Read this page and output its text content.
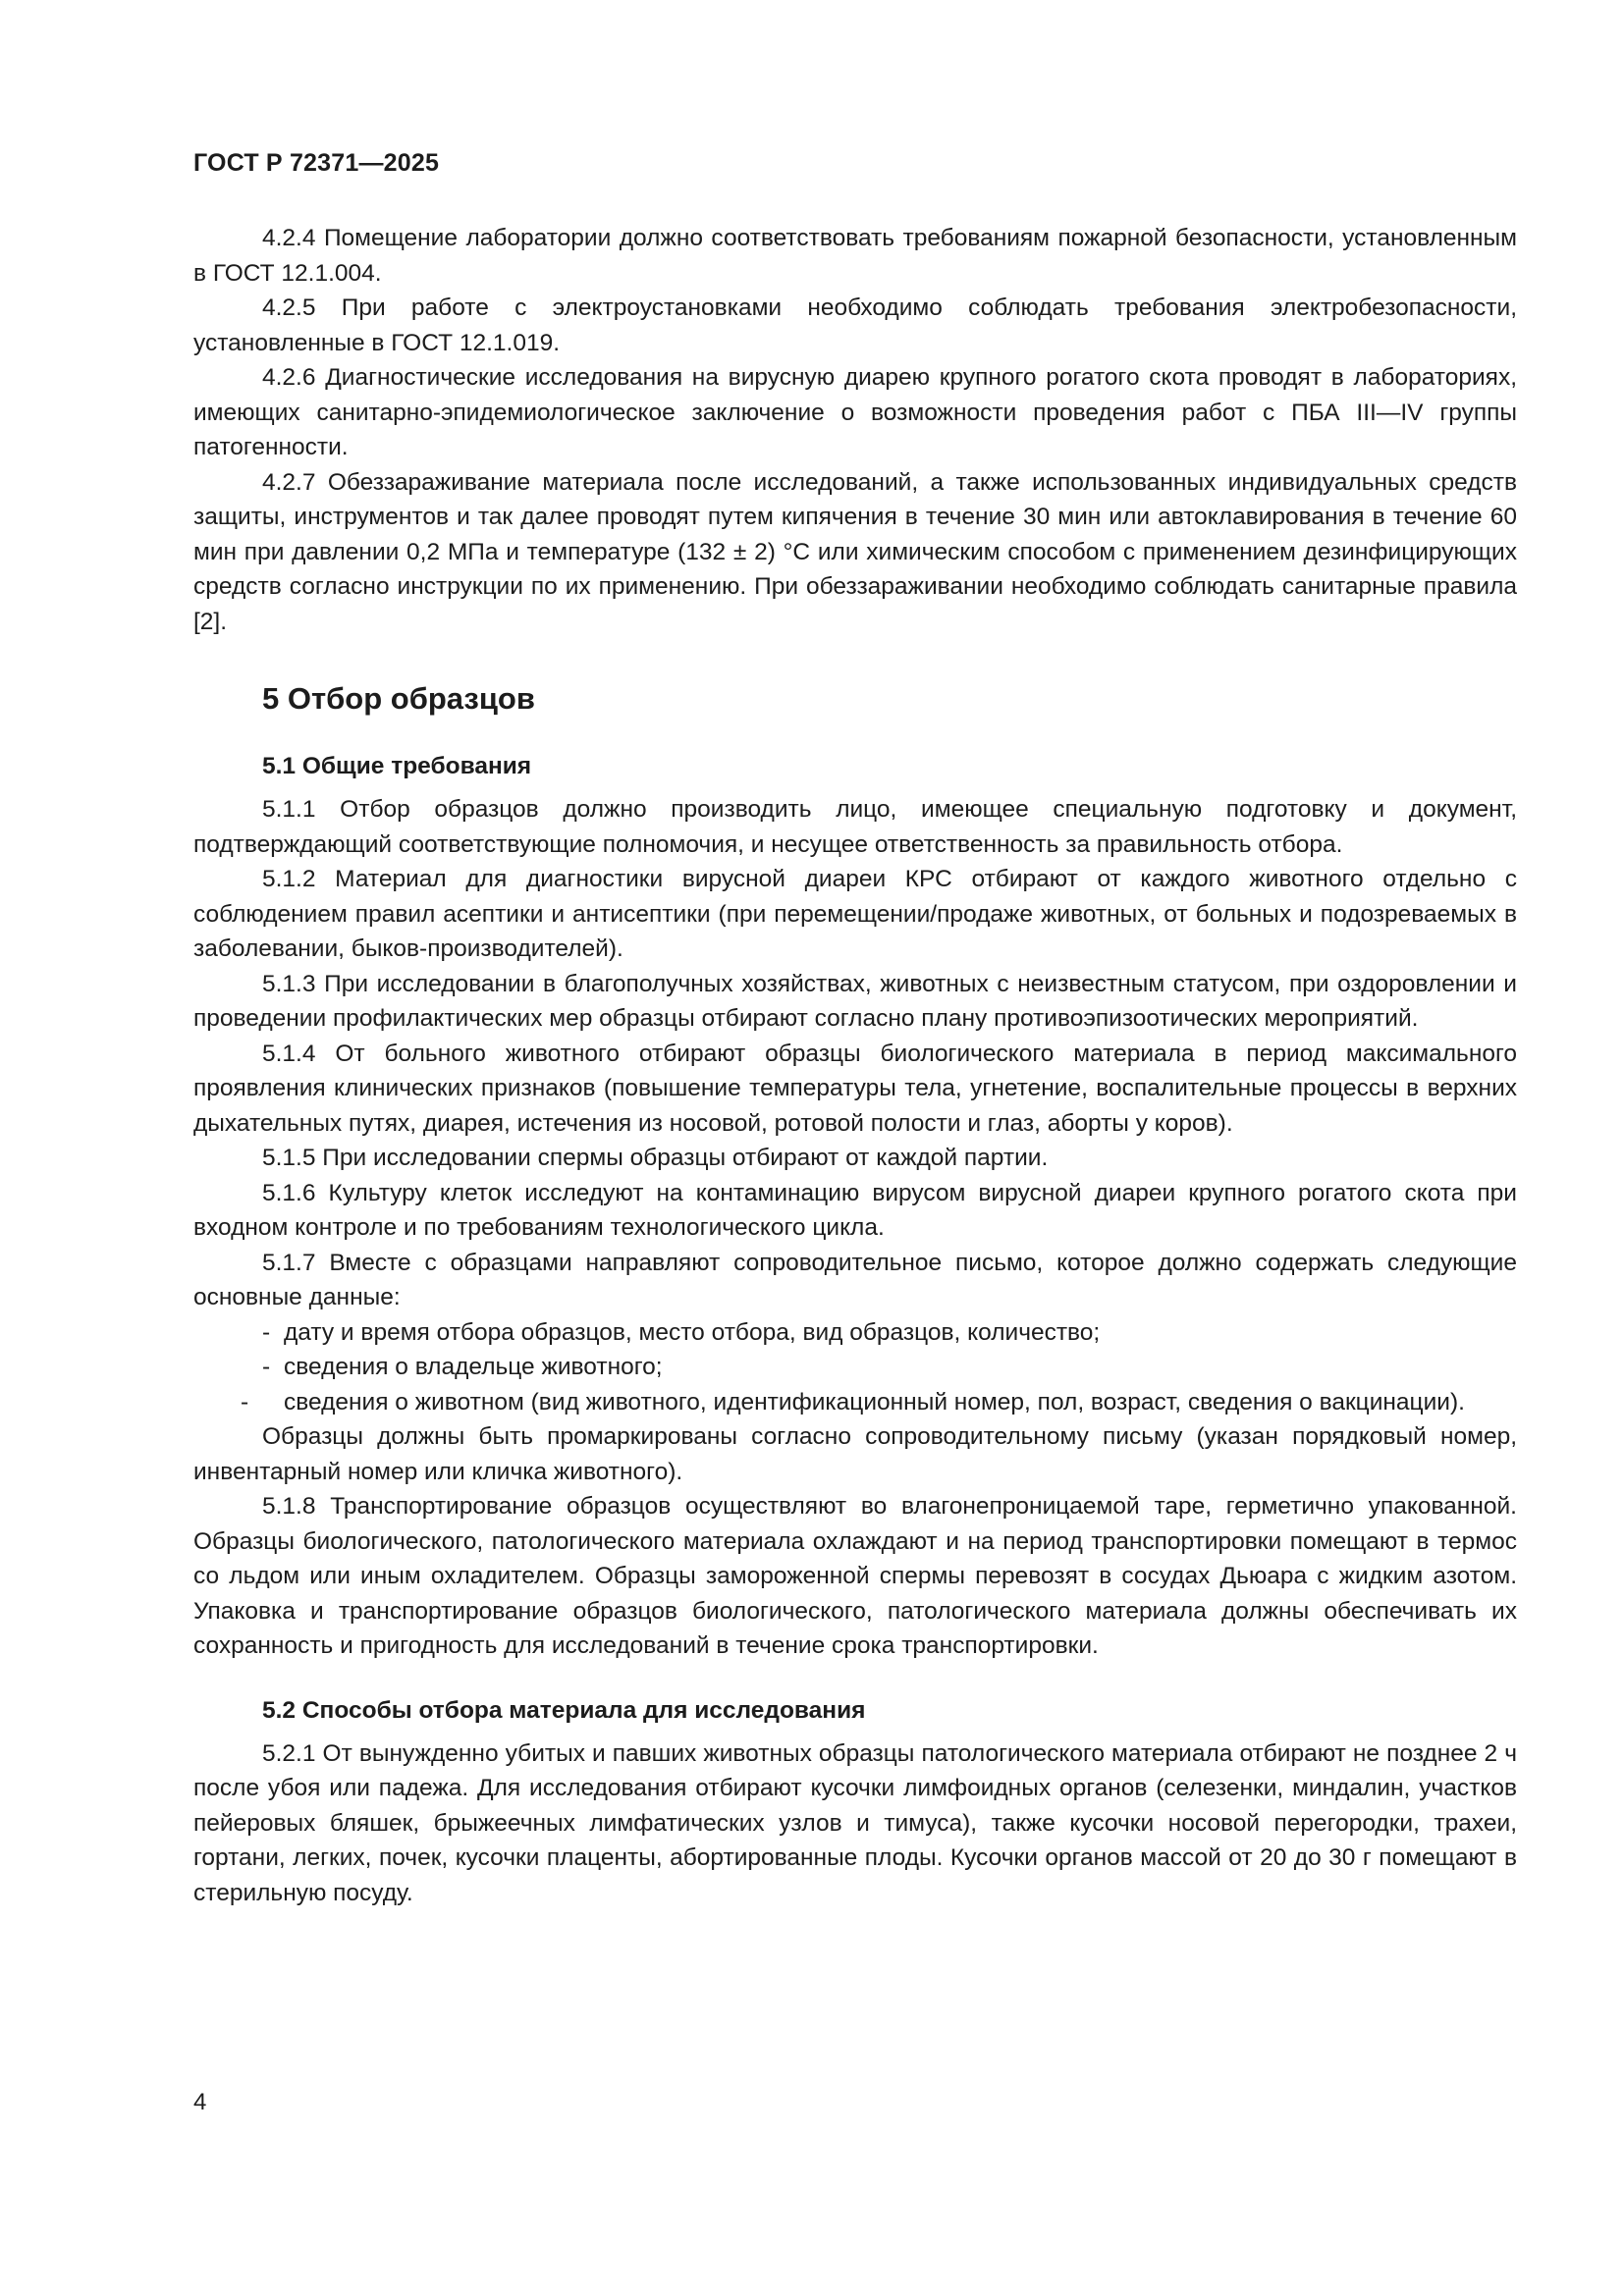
ГОСТ Р 72371—2025

4.2.4 Помещение лаборатории должно соответствовать требованиям пожарной безопасности, установленным в ГОСТ 12.1.004.

4.2.5 При работе с электроустановками необходимо соблюдать требования электробезопасности, установленные в ГОСТ 12.1.019.

4.2.6 Диагностические исследования на вирусную диарею крупного рогатого скота проводят в лабораториях, имеющих санитарно-эпидемиологическое заключение о возможности проведения работ с ПБА III—IV группы патогенности.

4.2.7 Обеззараживание материала после исследований, а также использованных индивидуальных средств защиты, инструментов и так далее проводят путем кипячения в течение 30 мин или автоклавирования в течение 60 мин при давлении 0,2 МПа и температуре (132 ± 2) °С или химическим способом с применением дезинфицирующих средств согласно инструкции по их применению. При обеззараживании необходимо соблюдать санитарные правила [2].

5 Отбор образцов
5.1 Общие требования

5.1.1 Отбор образцов должно производить лицо, имеющее специальную подготовку и документ, подтверждающий соответствующие полномочия, и несущее ответственность за правильность отбора.

5.1.2 Материал для диагностики вирусной диареи КРС отбирают от каждого животного отдельно с соблюдением правил асептики и антисептики (при перемещении/продаже животных, от больных и подозреваемых в заболевании, быков-производителей).

5.1.3 При исследовании в благополучных хозяйствах, животных с неизвестным статусом, при оздоровлении и проведении профилактических мер образцы отбирают согласно плану противоэпизоотических мероприятий.

5.1.4 От больного животного отбирают образцы биологического материала в период максимального проявления клинических признаков (повышение температуры тела, угнетение, воспалительные процессы в верхних дыхательных путях, диарея, истечения из носовой, ротовой полости и глаз, аборты у коров).

5.1.5 При исследовании спермы образцы отбирают от каждой партии.

5.1.6 Культуру клеток исследуют на контаминацию вирусом вирусной диареи крупного рогатого скота при входном контроле и по требованиям технологического цикла.

5.1.7 Вместе с образцами направляют сопроводительное письмо, которое должно содержать следующие основные данные:

- дату и время отбора образцов, место отбора, вид образцов, количество;

- сведения о владельце животного;

- сведения о животном (вид животного, идентификационный номер, пол, возраст, сведения о вакцинации).

Образцы должны быть промаркированы согласно сопроводительному письму (указан порядковый номер, инвентарный номер или кличка животного).

5.1.8 Транспортирование образцов осуществляют во влагонепроницаемой таре, герметично упакованной. Образцы биологического, патологического материала охлаждают и на период транспортировки помещают в термос со льдом или иным охладителем. Образцы замороженной спермы перевозят в сосудах Дьюара с жидким азотом. Упаковка и транспортирование образцов биологического, патологического материала должны обеспечивать их сохранность и пригодность для исследований в течение срока транспортировки.

5.2 Способы отбора материала для исследования

5.2.1 От вынужденно убитых и павших животных образцы патологического материала отбирают не позднее 2 ч после убоя или падежа. Для исследования отбирают кусочки лимфоидных органов (селезенки, миндалин, участков пейеровых бляшек, брыжеечных лимфатических узлов и тимуса), также кусочки носовой перегородки, трахеи, гортани, легких, почек, кусочки плаценты, абортированные плоды. Кусочки органов массой от 20 до 30 г помещают в стерильную посуду.

4
